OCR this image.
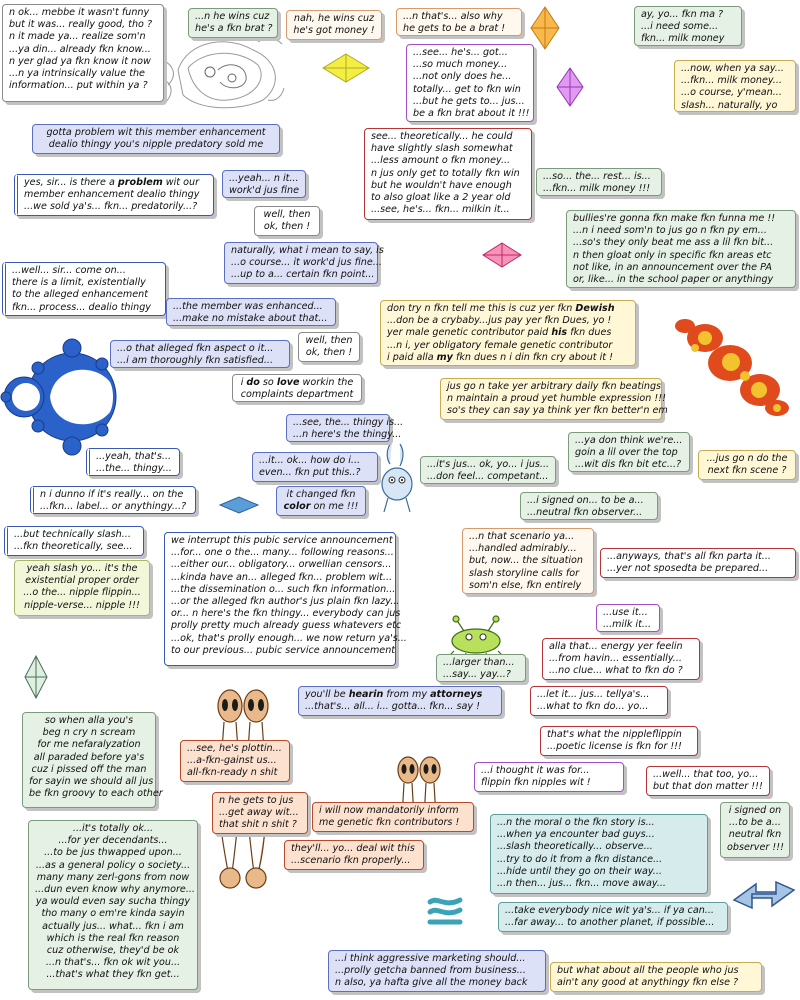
n ok... mebbe it wasn't funny
but it was... really good, tho ?
n it made ya... realize som'n
...ya din... already fkn know...
n yer glad ya fkn know it now
...n ya intrinsically value the
information... put within ya ?
...n he wins cuz
he's a fkn brat ?
nah, he wins cuz
he's got money !
...n that's... also why
he gets to be a brat !
ay, yo... fkn ma ?
...i need some...
fkn... milk money
...see... he's... got...
...so much money...
...not only does he...
totally... get to fkn win
...but he gets to... jus...
be a fkn brat about it !!!
...now, when ya say...
...fkn... milk money...
...o course, y'mean...
slash... naturally, yo
gotta problem wit this member enhancement
dealio thingy you's nipple predatory sold me
see... theoretically... he could
have slightly slash somewhat
...less amount o fkn money...
n jus only get to totally fkn win
but he wouldn't have enough
to also gloat like a 2 year old
...see, he's... fkn... milkin it...
...so... the... rest... is...
...fkn... milk money !!!
...yeah... n it...
work'd jus fine
yes, sir... is there a problem wit our
member enhancement dealio thingy
...we sold ya's... fkn... predatorily...?
well, then
ok, then !
bullies're gonna fkn make fkn funna me !!
...n i need som'n to jus go n fkn py em...
...so's they only beat me ass a lil fkn bit...
n then gloat only in specific fkn areas etc
not like, in an announcement over the PA
or, like... in the school paper or anythingy
naturally, what i mean to say, is
...o course... it work'd jus fine...
...up to a... certain fkn point...
...well... sir... come on...
there is a limit, existentially
to the alleged enhancement
fkn... process... dealio thingy	...the member was enhanced...
...make no mistake about that...
don try n fkn tell me this is cuz yer fkn Dewish
...don be a crybaby...jus pay yer fkn Dues, yo !
yer male genetic contributor paid his fkn dues
...n i, yer obligatory female genetic contributor
i paid alla my fkn dues n i din fkn cry about it !
well, then
ok, then !
...o that alleged fkn aspect o it...
...i am thoroughly fkn satisfied...
i do so love workin the
complaints department
jus go n take yer arbitrary daily fkn beatings
n maintain a proud yet humble expression !!!
so's they can say ya think yer fkn better'n em
...see, the... thingy is...
...n here's the thingy...
...ya don think we're...
goin a lil over the top
...wit dis fkn bit etc...?
...yeah, that's...
...the... thingy...
...it... ok... how do i...
even... fkn put this..?
...it's jus... ok, yo... i jus...
...don feel... competant...
...jus go n do the
next fkn scene ?
n i dunno if it's really... on the
...fkn... label... or anythingy...?
it changed fkn
color on me !!!
...i signed on... to be a...
...neutral fkn observer...
...but technically slash...
...fkn theoretically, see...
we interrupt this pubic service announcement
...for... one o the... many... following reasons...
...either our... obligatory... orwellian censors...
...kinda have an... alleged fkn... problem wit...
...the dissemination o... such fkn information...
...or the alleged fkn author's jus plain fkn lazy...
or... n here's the fkn thingy... everybody can jus
prolly pretty much already guess whatevers etc
...ok, that's prolly enough... we now return ya's...
to our previous... pubic service announcement
...n that scenario ya...
...handled admirably...
but, now... the situation
slash storyline calls for
som'n else, fkn entirely
...anyways, that's all fkn parta it...
...yer not sposedta be prepared...
yeah slash yo... it's the
existential proper order
...o the... nipple flippin...
nipple-verse... nipple !!!
...use it...
...milk it...
alla that... energy yer feelin
...from havin... essentially...
...no clue... what to fkn do ?
...larger than...
...say... yay...?
you'll be hearin from my attorneys
...that's... all... i... gotta... fkn... say !
...let it... jus... tellya's...
...what to fkn do... yo...
so when alla you's
beg n cry n scream
for me nefaralyzation
all paraded before ya's
cuz i pissed off the man
for sayin we should all jus
be fkn groovy to each other
...see, he's plottin...
...a-fkn-gainst us...
all-fkn-ready n shit
that's what the nippleflippin
...poetic license is fkn for !!!
...i thought it was for...
flippin fkn nipples wit !
...well... that too, yo...
but that don matter !!!
n he gets to jus
...get away wit...
that shit n shit ?
i will now mandatorily inform
me genetic fkn contributors !	...n the moral o the fkn story is...
...when ya encounter bad guys...
...slash theoretically... observe...
...try to do it from a fkn distance...
...hide until they go on their way...
...n then... jus... fkn... move away...
i signed on
...to be a...
neutral fkn
observer !!!
...it's totally ok...
...for yer decendants...
...to be jus thwapped upon...
...as a general policy o society...
many many zerl-gons from now
...dun even know why anymore...
ya would even say sucha thingy
tho many o em're kinda sayin
actually jus... what... fkn i am
which is the real fkn reason
cuz otherwise, they'd be ok
...n that's... fkn ok wit you...
...that's what they fkn get...
they'll... yo... deal wit this
...scenario fkn properly...
...take everybody nice wit ya's... if ya can...
...far away... to another planet, if possible...
...i think aggressive marketing should...
...prolly getcha banned from business...
n also, ya hafta give all the money back
but what about all the people who jus
ain't any good at anythingy fkn else ?
